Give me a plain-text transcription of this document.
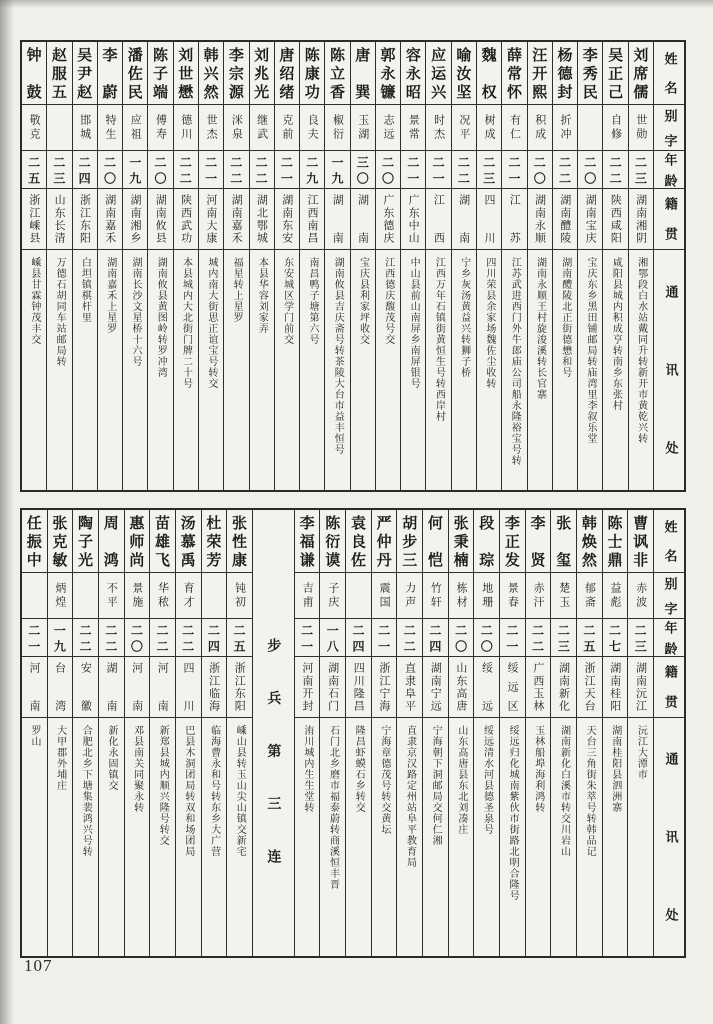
姓名
别字
年龄
籍贯
通讯处
刘席儒
世勋
二三
湖南湘阴
湘鄂段白水站戴同升转新开市黄乾兴转
吴正己
自修
二二
陕西咸阳
咸阳县城内积成亨转南乡东张村
李秀民
二〇
湖南宝庆
宝庆东乡黑田铺邮局转庙湾里李叙乐堂
杨德封
折冲
二二
湖南醴陵
湖南醴陵北正街德懋和号
汪开熙
积成
二〇
湖南永顺
湖南永顺王村旋浚溪转长官寨
薛常怀
有仁
二一
江苏
江苏武进西门外牛郎庙公司船永隆裕宝号转
魏权
树成
二三
四川
四川荣县余家场魏佐尘收转
喻汝坚
况平
二二
湖南
宁乡灰汤黄益兴转狮子桥
应运兴
时杰
二一
江西
江西万年石镇街黄恒生号转西岸村
容永昭
景常
二一
广东中山
中山县前山南屏乡南屏银号
郭永镰
志远
二〇
广东德庆
江西德庆馥茂号交
唐巽
玉湖
三〇
湖南
宝庆县利家坪收交
陈立香
椒衍
一九
湖南
湖南攸县吉庆斋号转茶陵大台市益丰恒号
陈康功
良夫
二九
江西南昌
南昌鸭子塘第六号
唐绍绪
克前
二一
湖南东安
东安城区学门前交
刘兆光
继武
二二
湖北鄂城
本县华容刘家弄
李宗源
洣泉
二二
湖南嘉禾
福星转上星罗
韩兴然
世杰
二一
河南大康
城内南大街思正谊宝号转交
刘世懋
德川
二二
陕西武功
本县城内大北街门牌二十号
陈子端
傅寿
二〇
湖南攸县
湖南攸县黄图岭转罗冲湾
潘佐民
应祖
一九
湖南湘乡
湖南长沙文星桥十六号
李蔚
特生
二〇
湖南嘉禾
湖南嘉禾上星罗
吴尹赵
邯城
二四
浙江东阳
白坦镇棋杆里
赵服五
二三
山东长清
万德石胡同车站邮局转
钟鼓
敬克
二五
浙江嵊县
嵊县甘霖钟茂丰交
姓名
别字
年龄
籍贯
通讯处
曹讽非
赤波
二三
湖南沅江
沅江大潭市
陈士鼎
益彪
二七
湖南桂阳
湖南桂阳县泗洲寨
韩焕然
郁斋
二五
浙江天台
天台三角街朱萃号转韩品记
张玺
楚玉
二三
湖南新化
湖南新化白溪市转交川岩山
李贤
赤汗
二二
广西玉林
玉林船埠海利鸿转
李正发
景春
二一
绥远区
绥远归化城南紫伙市街路北明合隆号
段琮
地珊
二〇
绥远
绥远清水河县德圣泉号
张秉楠
栋材
二〇
山东高唐
山东高唐县东北刘凑庄
何恺
竹轩
二四
湖南宁远
宁海朝下洞邮局交何仁湘
胡步三
力声
二二
直隶阜平
直隶京汉路定州站阜平教育局
严仲丹
震国
二一
浙江宁海
宁海章德茂号转交黄坛
袁良佐
二四
四川隆昌
隆昌虾蟆石乡转交
陈衍谟
子庆
一八
湖南石门
石门北乡磨市福泰蔚转商溪恒丰晋
李福谦
吉甫
二一
河南开封
洧川城内生生堂转
步兵第三连
张性康
钝初
二五
浙江东阳
嵊山县转玉山尖山镇交新宅
杜荣芳
二四
浙江临海
临海曹永和号转东乡大广营
汤慕禹
育才
二二
四川
巴县木洞团局转双和场团局
苗雄飞
华秾
二二
河南
新郑县城内顺兴隆号转交
惠师尚
景施
二〇
河南
邓县南关同聚永转
周鸿
不平
二二
湖南
新化永固镇交
陶子光
二二
安徽
合肥北乡下塘集裴鸿兴号转
张克敏
炳煌
一九
台湾
大甲郡外埔庄
任振中
二一
河南
罗山
107
